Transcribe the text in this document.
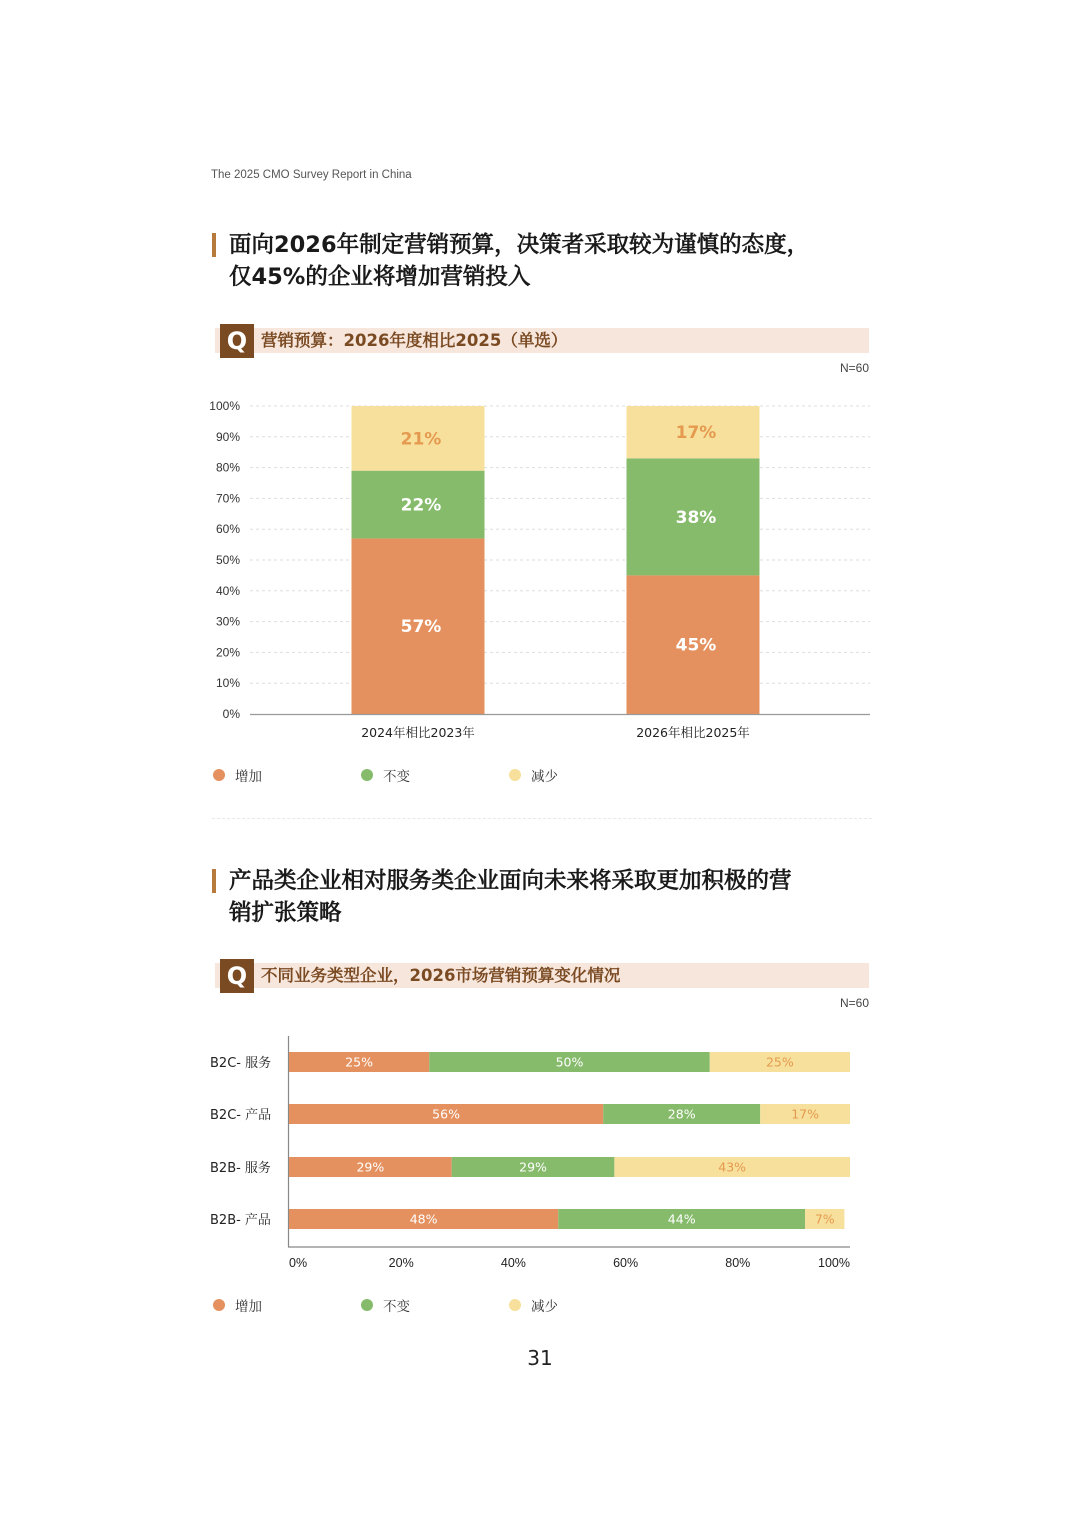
The 2025 CMO Survey Report in China
面向2026年制定营销预算，决策者采取较为谨慎的态度，
仅45%的企业将增加营销投入
Q 营销预算：2026年度相比2025（单选）
N=60
0%
10%
20%
30%
40%
50%
60%
70%
80%
90%
100%
57%
22%
21%
2024年相比2023年
45%
38%
17%
2026年相比2025年
增加	不变	减少
产品类企业相对服务类企业面向未来将采取更加积极的营
销扩张策略
Q 不同业务类型企业，2026市场营销预算变化情况
N=60
B2C- 服务	25%	50%	25%
B2C- 产品	56%	28%	17%
B2B- 服务	29%	29%	43%
B2B- 产品	48%	44%	7%
0%	20%	40%	60%	80%	100%
增加	不变	减少
31
